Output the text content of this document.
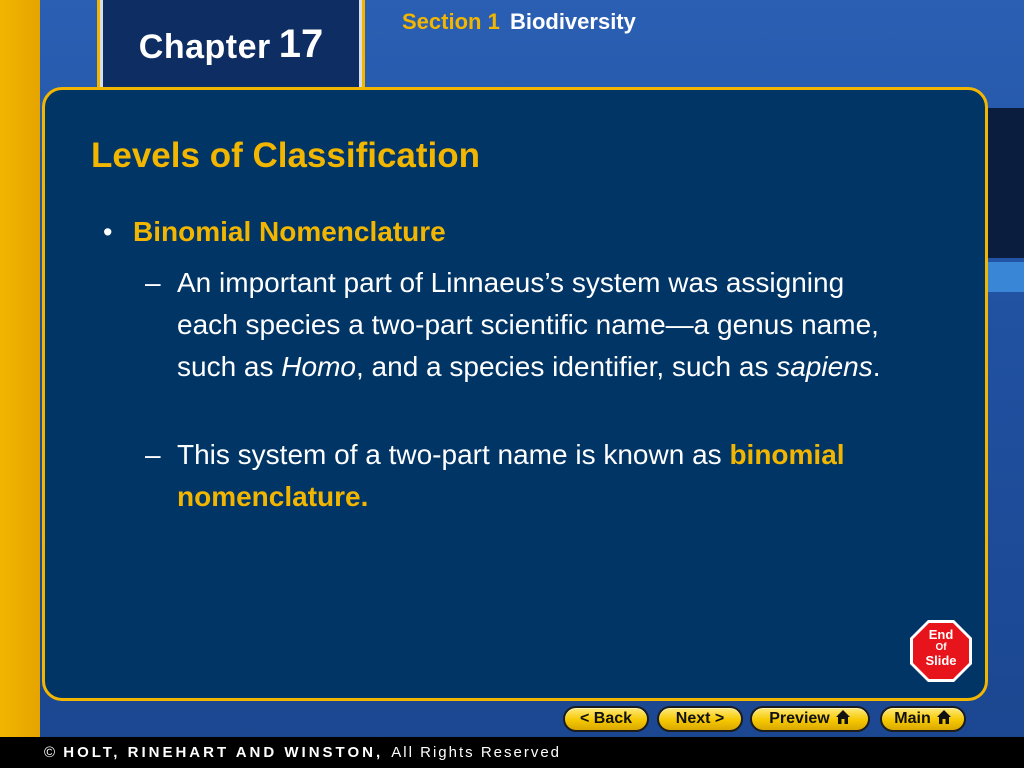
Chapter 17
Section 1 Biodiversity
Levels of Classification
• Binomial Nomenclature
– An important part of Linnaeus’s system was assigning each species a two-part scientific name—a genus name, such as Homo, and a species identifier, such as sapiens.
– This system of a two-part name is known as binomial nomenclature.
End
Of
Slide
< Back	Next >	Preview	Main
©
HOLT, RINEHART AND WINSTON,
All Rights Reserved
